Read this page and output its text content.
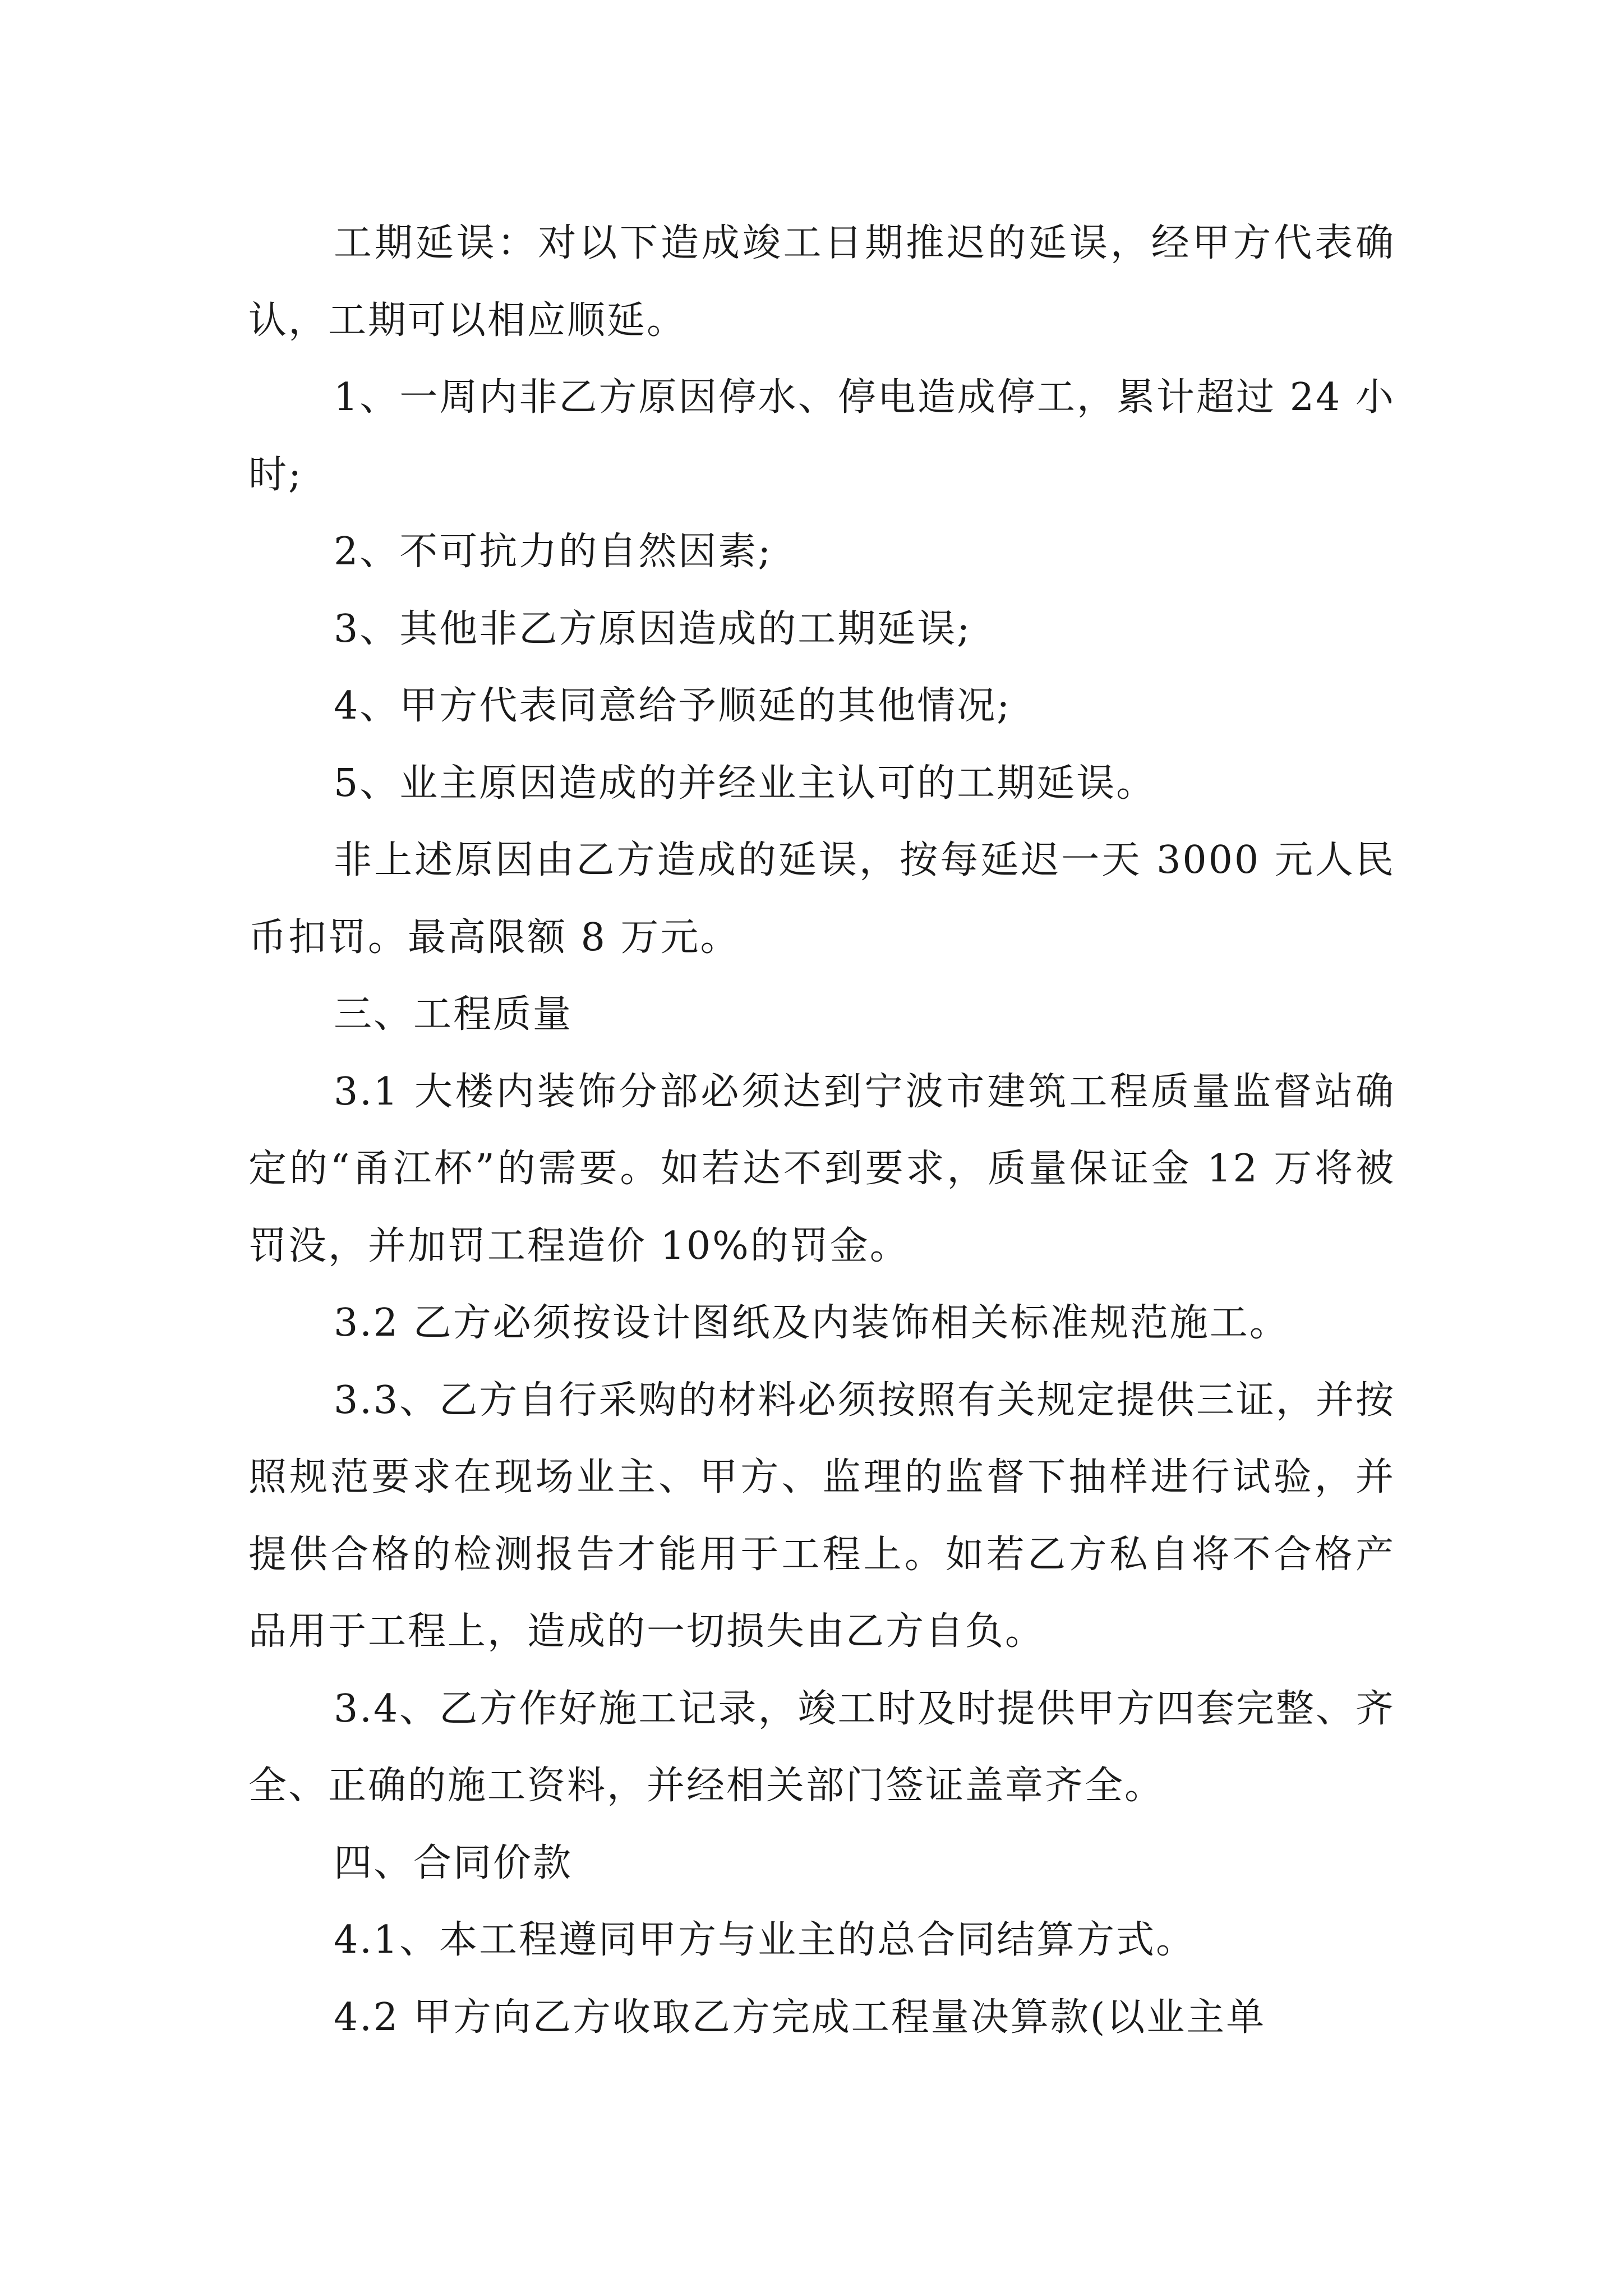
工期延误：对以下造成竣工日期推迟的延误，经甲方代表确认，工期可以相应顺延。

1、一周内非乙方原因停水、停电造成停工，累计超过 24 小时;

2、不可抗力的自然因素;

3、其他非乙方原因造成的工期延误;

4、甲方代表同意给予顺延的其他情况;

5、业主原因造成的并经业主认可的工期延误。

非上述原因由乙方造成的延误，按每延迟一天 3000 元人民币扣罚。最高限额 8 万元。

三、工程质量

3.1 大楼内装饰分部必须达到宁波市建筑工程质量监督站确定的“甬江杯”的需要。如若达不到要求，质量保证金 12 万将被罚没，并加罚工程造价 10%的罚金。

3.2 乙方必须按设计图纸及内装饰相关标准规范施工。

3.3、乙方自行采购的材料必须按照有关规定提供三证，并按照规范要求在现场业主、甲方、监理的监督下抽样进行试验，并提供合格的检测报告才能用于工程上。如若乙方私自将不合格产品用于工程上，造成的一切损失由乙方自负。

3.4、乙方作好施工记录，竣工时及时提供甲方四套完整、齐全、正确的施工资料，并经相关部门签证盖章齐全。

四、合同价款

4.1、本工程遵同甲方与业主的总合同结算方式。

4.2 甲方向乙方收取乙方完成工程量决算款(以业主单
